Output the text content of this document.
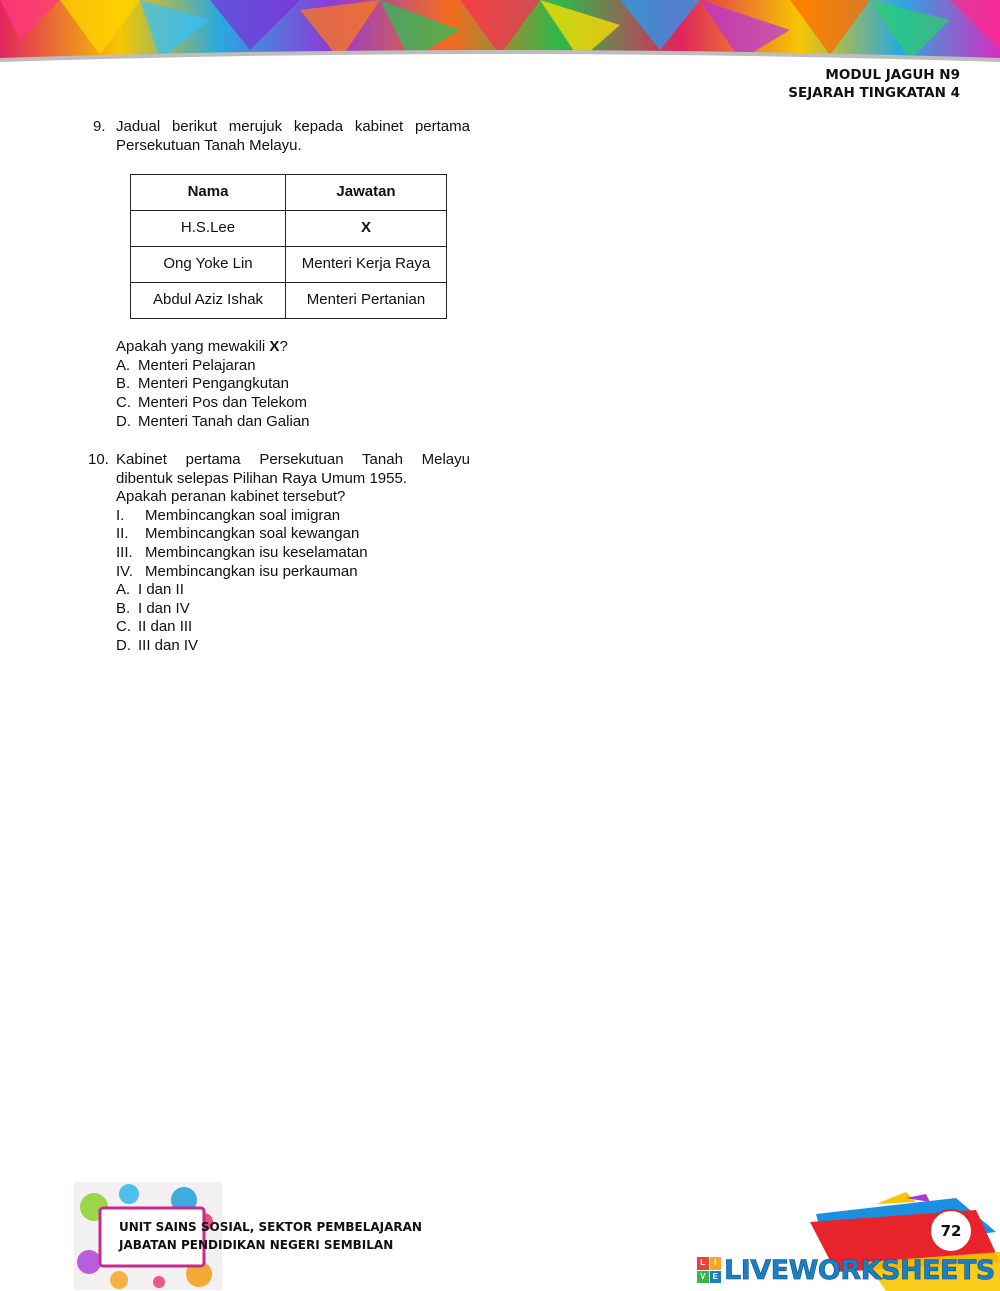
MODUL JAGUH N9
SEJARAH TINGKATAN 4
9. Jadual berikut merujuk kepada kabinet pertama Persekutuan Tanah Melayu.
Nama	Jawatan
H.S.Lee	X
Ong Yoke Lin	Menteri Kerja Raya
Abdul Aziz Ishak	Menteri Pertanian
Apakah yang mewakili X?
A. Menteri Pelajaran
B. Menteri Pengangkutan
C. Menteri Pos dan Telekom
D. Menteri Tanah dan Galian
10. Kabinet pertama Persekutuan Tanah Melayu dibentuk selepas Pilihan Raya Umum 1955.
Apakah peranan kabinet tersebut?
I.	Membincangkan soal imigran
II.	Membincangkan soal kewangan
III. Membincangkan isu keselamatan
IV. Membincangkan isu perkauman
A. I dan II
B. I dan IV
C. II dan III
D. III dan IV
UNIT SAINS SOSIAL, SEKTOR PEMBELAJARAN
JABATAN PENDIDIKAN NEGERI SEMBILAN
72
L	I
V E LIVEWORKSHEETS
